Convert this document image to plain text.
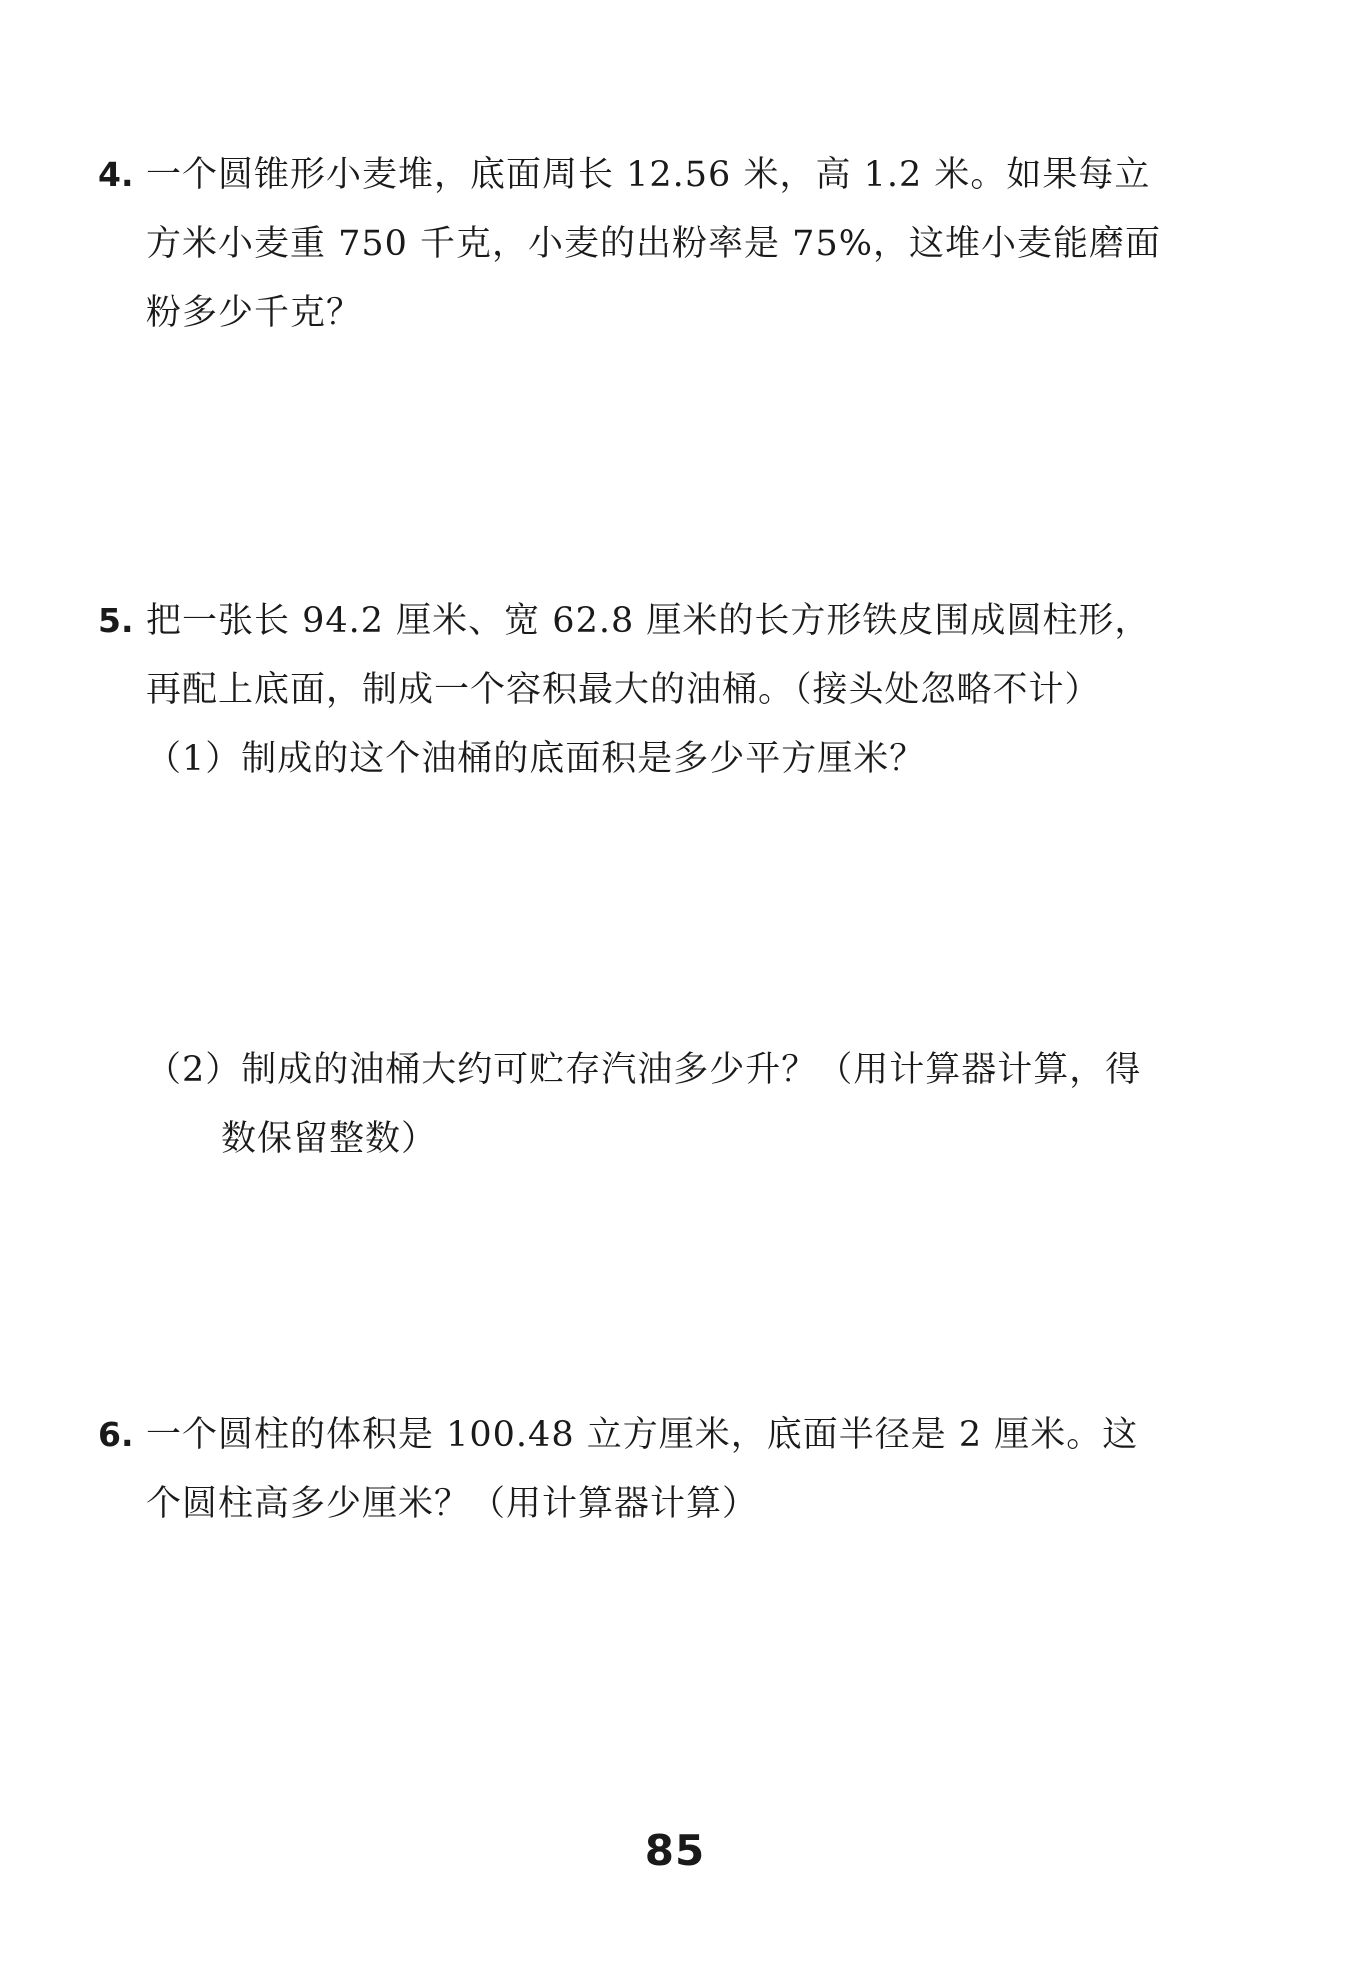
4. 一个圆锥形小麦堆，底面周长 12.56 米，高 1.2 米。如果每立
方米小麦重 750 千克，小麦的出粉率是 75%，这堆小麦能磨面
粉多少千克？
5. 把一张长 94.2 厘米、宽 62.8 厘米的长方形铁皮围成圆柱形，
再配上底面，制成一个容积最大的油桶。（接头处忽略不计）
（1）制成的这个油桶的底面积是多少平方厘米？
（2）制成的油桶大约可贮存汽油多少升？（用计算器计算，得
数保留整数）
6. 一个圆柱的体积是 100.48 立方厘米，底面半径是 2 厘米。这
个圆柱高多少厘米？（用计算器计算）
85
